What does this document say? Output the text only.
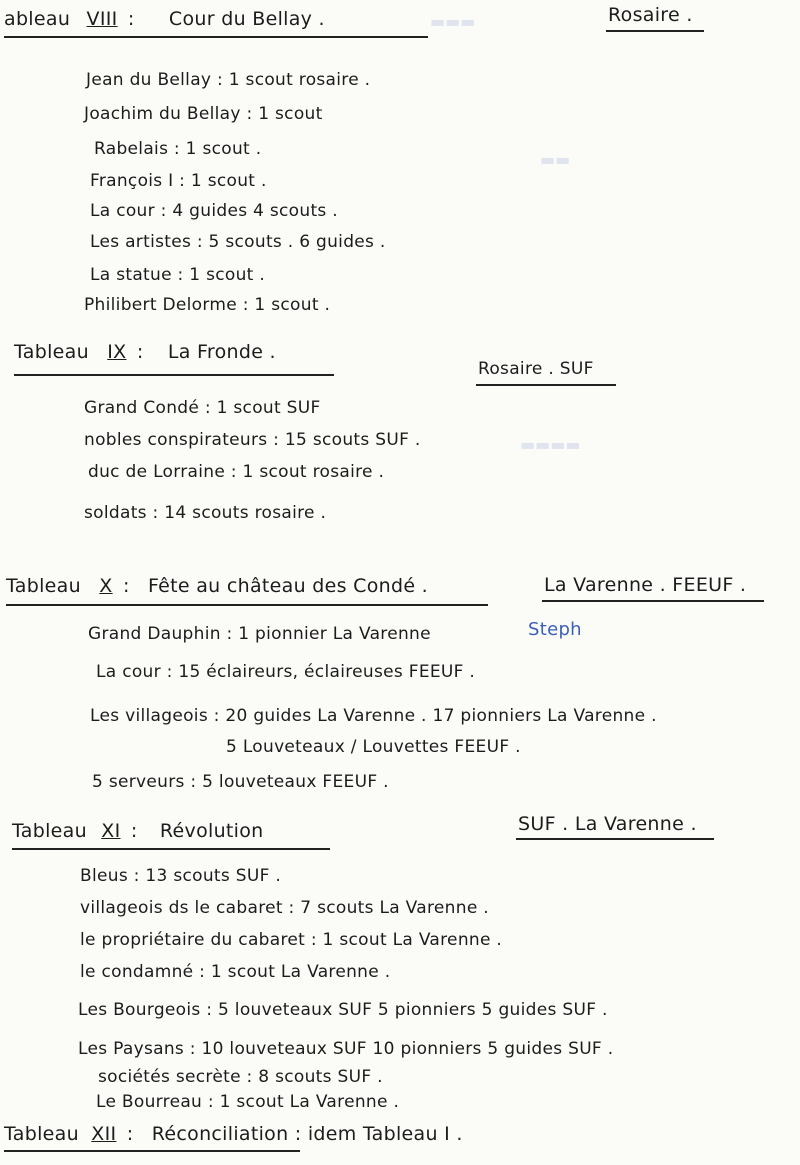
▬▬▬
▬▬
▬▬▬▬
ableau VIII : Cour du Bellay .	Rosaire .
Jean du Bellay : 1 scout rosaire .
Joachim du Bellay : 1 scout
Rabelais : 1 scout .
François I : 1 scout .
La cour : 4 guides 4 scouts .
Les artistes : 5 scouts . 6 guides .
La statue : 1 scout .
Philibert Delorme : 1 scout .
Tableau IX : La Fronde .
Rosaire . SUF
Grand Condé : 1 scout SUF
nobles conspirateurs : 15 scouts SUF .
duc de Lorraine : 1 scout rosaire .
soldats : 14 scouts rosaire .
Tableau X : Fête au château des Condé .	La Varenne . FEEUF .
Grand Dauphin : 1 pionnier La Varenne	Steph
La cour : 15 éclaireurs, éclaireuses FEEUF .
Les villageois : 20 guides La Varenne . 17 pionniers La Varenne .
5 Louveteaux / Louvettes FEEUF .
5 serveurs : 5 louveteaux FEEUF .
Tableau XI : Révolution	SUF . La Varenne .
Bleus : 13 scouts SUF .
villageois ds le cabaret : 7 scouts La Varenne .
le propriétaire du cabaret : 1 scout La Varenne .
le condamné : 1 scout La Varenne .
Les Bourgeois : 5 louveteaux SUF 5 pionniers 5 guides SUF .
Les Paysans : 10 louveteaux SUF 10 pionniers 5 guides SUF .
sociétés secrète : 8 scouts SUF .
Le Bourreau : 1 scout La Varenne .
Tableau XII : Réconciliation : idem Tableau I .
